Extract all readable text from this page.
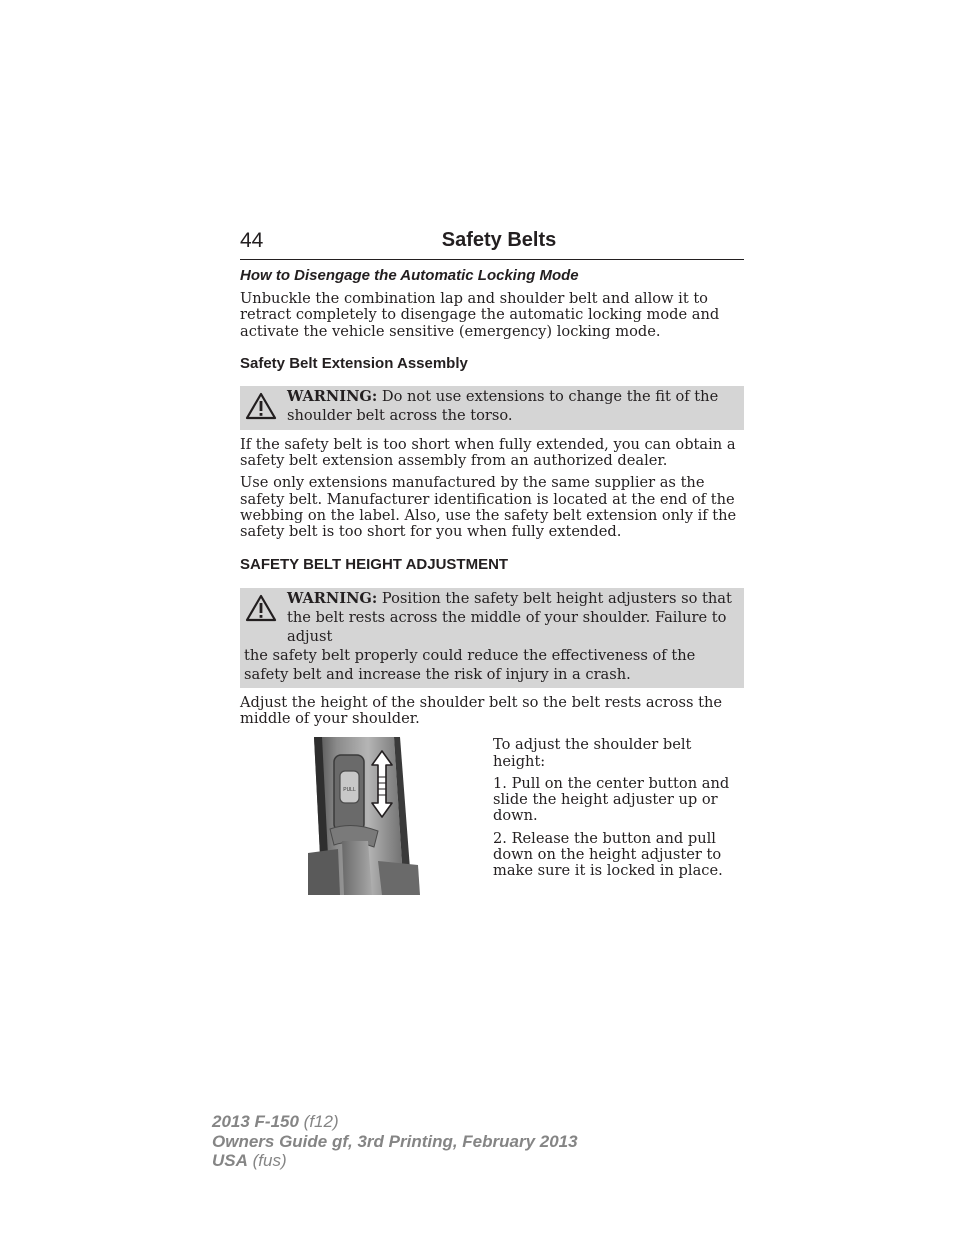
44	Safety Belts
How to Disengage the Automatic Locking Mode

Unbuckle the combination lap and shoulder belt and allow it to retract completely to disengage the automatic locking mode and activate the vehicle sensitive (emergency) locking mode.

Safety Belt Extension Assembly
WARNING: Do not use extensions to change the fit of the shoulder belt across the torso.

If the safety belt is too short when fully extended, you can obtain a safety belt extension assembly from an authorized dealer.

Use only extensions manufactured by the same supplier as the safety belt. Manufacturer identification is located at the end of the webbing on the label. Also, use the safety belt extension only if the safety belt is too short for you when fully extended.

SAFETY BELT HEIGHT ADJUSTMENT
WARNING: Position the safety belt height adjusters so that the belt rests across the middle of your shoulder. Failure to adjust
the safety belt properly could reduce the effectiveness of the safety belt and increase the risk of injury in a crash.

Adjust the height of the shoulder belt so the belt rests across the middle of your shoulder.

PULL

To adjust the shoulder belt height:

1. Pull on the center button and slide the height adjuster up or down.

2. Release the button and pull down on the height adjuster to make sure it is locked in place.

2013 F-150 (f12)
Owners Guide gf, 3rd Printing, February 2013
USA (fus)
